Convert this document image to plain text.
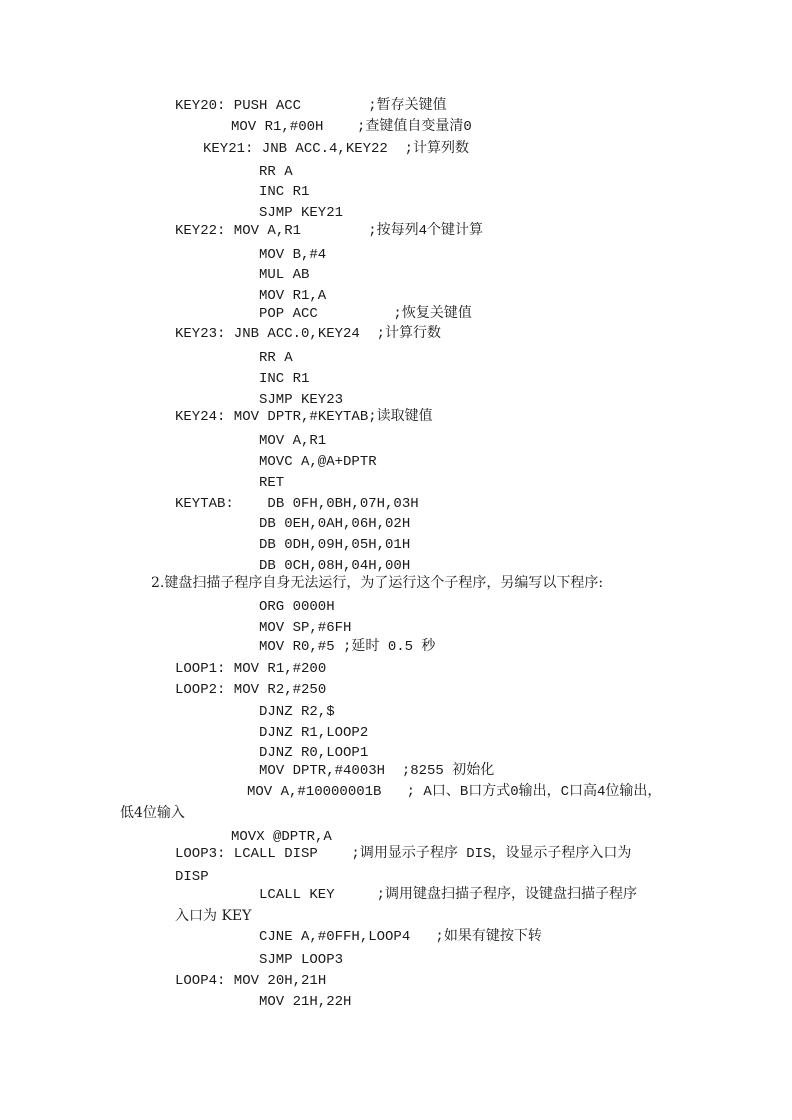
KEY20: PUSH ACC        ;暂存关键值
MOV R1,#00H    ;查键值自变量清0
KEY21: JNB ACC.4,KEY22  ;计算列数
RR A
INC R1
SJMP KEY21
KEY22: MOV A,R1        ;按每列4个键计算
MOV B,#4
MUL AB
MOV R1,A
POP ACC         ;恢复关键值
KEY23: JNB ACC.0,KEY24  ;计算行数
RR A
INC R1
SJMP KEY23
KEY24: MOV DPTR,#KEYTAB;读取键值
MOV A,R1
MOVC A,@A+DPTR
RET
KEYTAB:    DB 0FH,0BH,07H,03H
DB 0EH,0AH,06H,02H
DB 0DH,09H,05H,01H
DB 0CH,08H,04H,00H
2.键盘扫描子程序自身无法运行，为了运行这个子程序，另编写以下程序:
ORG 0000H
MOV SP,#6FH
MOV R0,#5 ;延时 0.5 秒
LOOP1: MOV R1,#200
LOOP2: MOV R2,#250
DJNZ R2,$
DJNZ R1,LOOP2
DJNZ R0,LOOP1
MOV DPTR,#4003H  ;8255 初始化
MOV A,#10000001B   ; A口、B口方式0输出，C口高4位输出，
低4位输入
MOVX @DPTR,A
LOOP3: LCALL DISP    ;调用显示子程序 DIS，设显示子程序入口为
DISP
LCALL KEY     ;调用键盘扫描子程序，设键盘扫描子程序
入口为 KEY
CJNE A,#0FFH,LOOP4   ;如果有键按下转
SJMP LOOP3
LOOP4: MOV 20H,21H
MOV 21H,22H
